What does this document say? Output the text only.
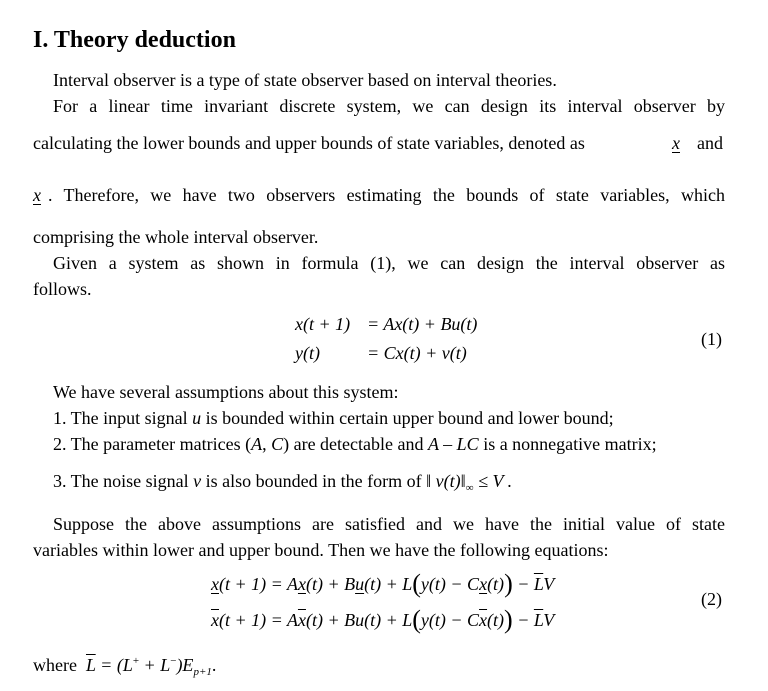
I. Theory deduction
Interval observer is a type of state observer based on interval theories.
For a linear time invariant discrete system, we can design its interval observer by
calculating the lower bounds and upper bounds of state variables, denoted as	x and
x . Therefore, we have two observers estimating the bounds of state variables, which
comprising the whole interval observer.
Given a system as shown in formula (1), we can design the interval observer as
follows.
x(t + 1) = Ax(t) + Bu(t)
y(t)	= Cx(t) + v(t)
(1)
We have several assumptions about this system:
1. The input signal u is bounded within certain upper bound and lower bound;
2. The parameter matrices (A, C) are detectable and A – LC is a nonnegative matrix;
3. The noise signal v is also bounded in the form of ‖ $v(t)‖_\infty \le V$ .
Suppose the above assumptions are satisfied and we have the initial value of state
variables within lower and upper bound. Then we have the following equations:
$x(t + 1) = Ax(t) + Bu(t) + L(y(t) - Cx(t)) - \overline{L}V$
$\overline{x}(t + 1) = A\overline{x}(t) + Bu(t) + L(y(t) - C\overline{x}(t)) - \overline{L}V$
(2)
where $\overline{L} = (L^+ + L^-)E_{p+1}$.
